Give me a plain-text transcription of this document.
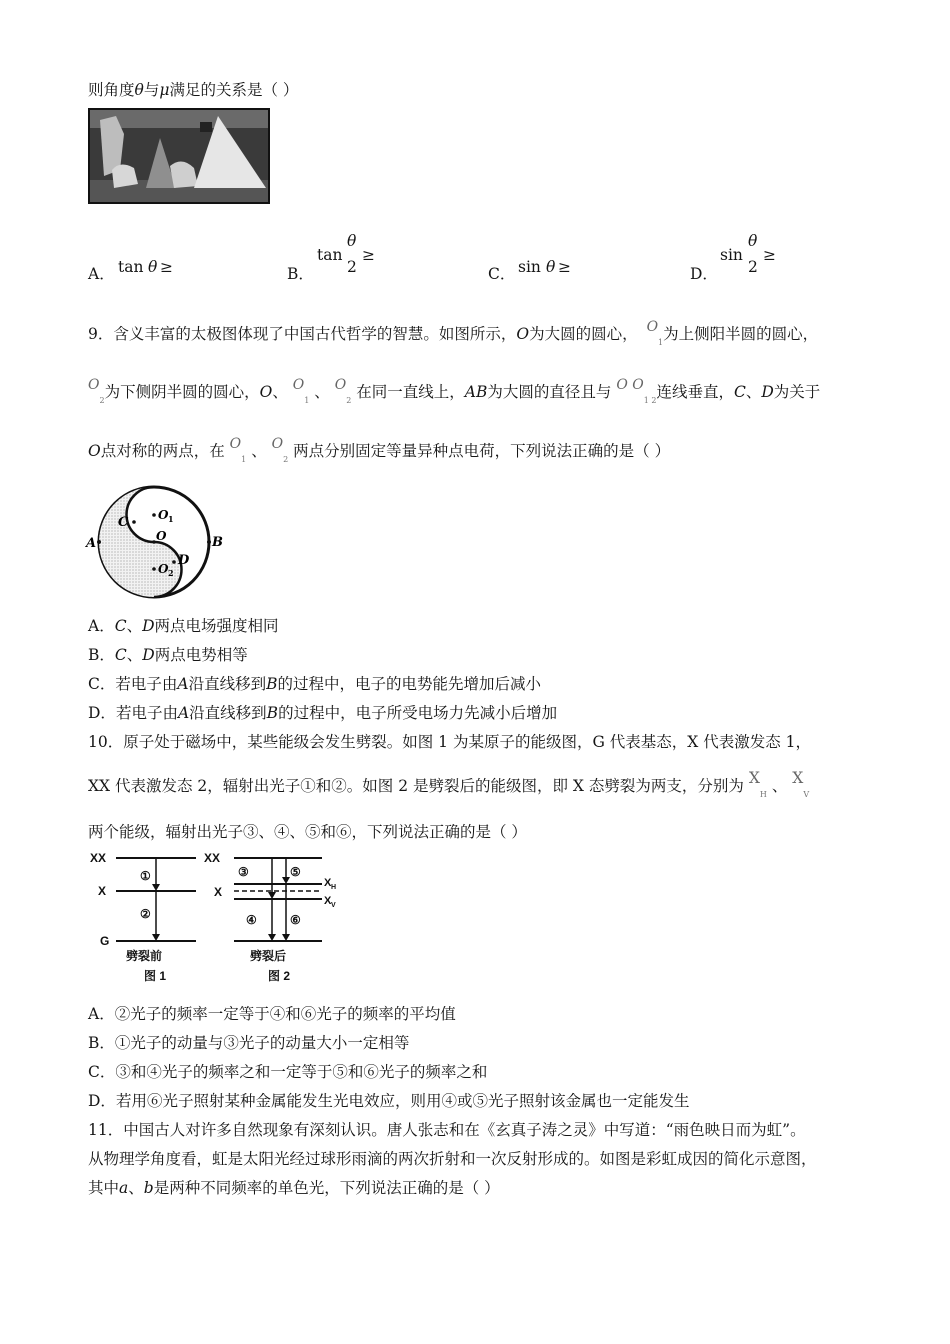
则角度θ与μ满足的关系是（ ）
A． tan θ ≥	B．
tan
θ
2
≥
C． sin θ ≥	D．
sin
θ
2
≥
9．含义丰富的太极图体现了中国古代哲学的智慧。如图所示，O为大圆的圆心， $O_1$为上侧阳半圆的圆心，
$O_2$为下侧阴半圆的圆心，O、 $O_1$ 、 $O_2$ 在同一直线上，AB为大圆的直径且与 O $O_{1 2}$连线垂直，C、D为关于
O点对称的两点，在 $O_1$ 、 $O_2$ 两点分别固定等量异种点电荷，下列说法正确的是（ ）
A	B
C
D
O
O 1
O 2
A．C、D两点电场强度相同
B．C、D两点电势相等
C．若电子由A沿直线移到B的过程中，电子的电势能先增加后减小
D．若电子由A沿直线移到B的过程中，电子所受电场力先减小后增加
10．原子处于磁场中，某些能级会发生劈裂。如图 1 为某原子的能级图，G 代表基态，X 代表激发态 1，
XX 代表激发态 2，辐射出光子①和②。如图 2 是劈裂后的能级图，即 X 态劈裂为两支，分别为 $X_H$ 、 $X_V$
两个能级，辐射出光子③、④、⑤和⑥，下列说法正确的是（ ）
XX
X
G
①
②
劈裂前
图 1
XX
X
③	⑤
④	⑥
X H
X V
劈裂后
图 2
A．②光子的频率一定等于④和⑥光子的频率的平均值
B．①光子的动量与③光子的动量大小一定相等
C．③和④光子的频率之和一定等于⑤和⑥光子的频率之和
D．若用⑥光子照射某种金属能发生光电效应，则用④或⑤光子照射该金属也一定能发生
11．中国古人对许多自然现象有深刻认识。唐人张志和在《玄真子涛之灵》中写道：“雨色映日而为虹”。
从物理学角度看，虹是太阳光经过球形雨滴的两次折射和一次反射形成的。如图是彩虹成因的简化示意图，
其中a、b是两种不同频率的单色光，下列说法正确的是（ ）
